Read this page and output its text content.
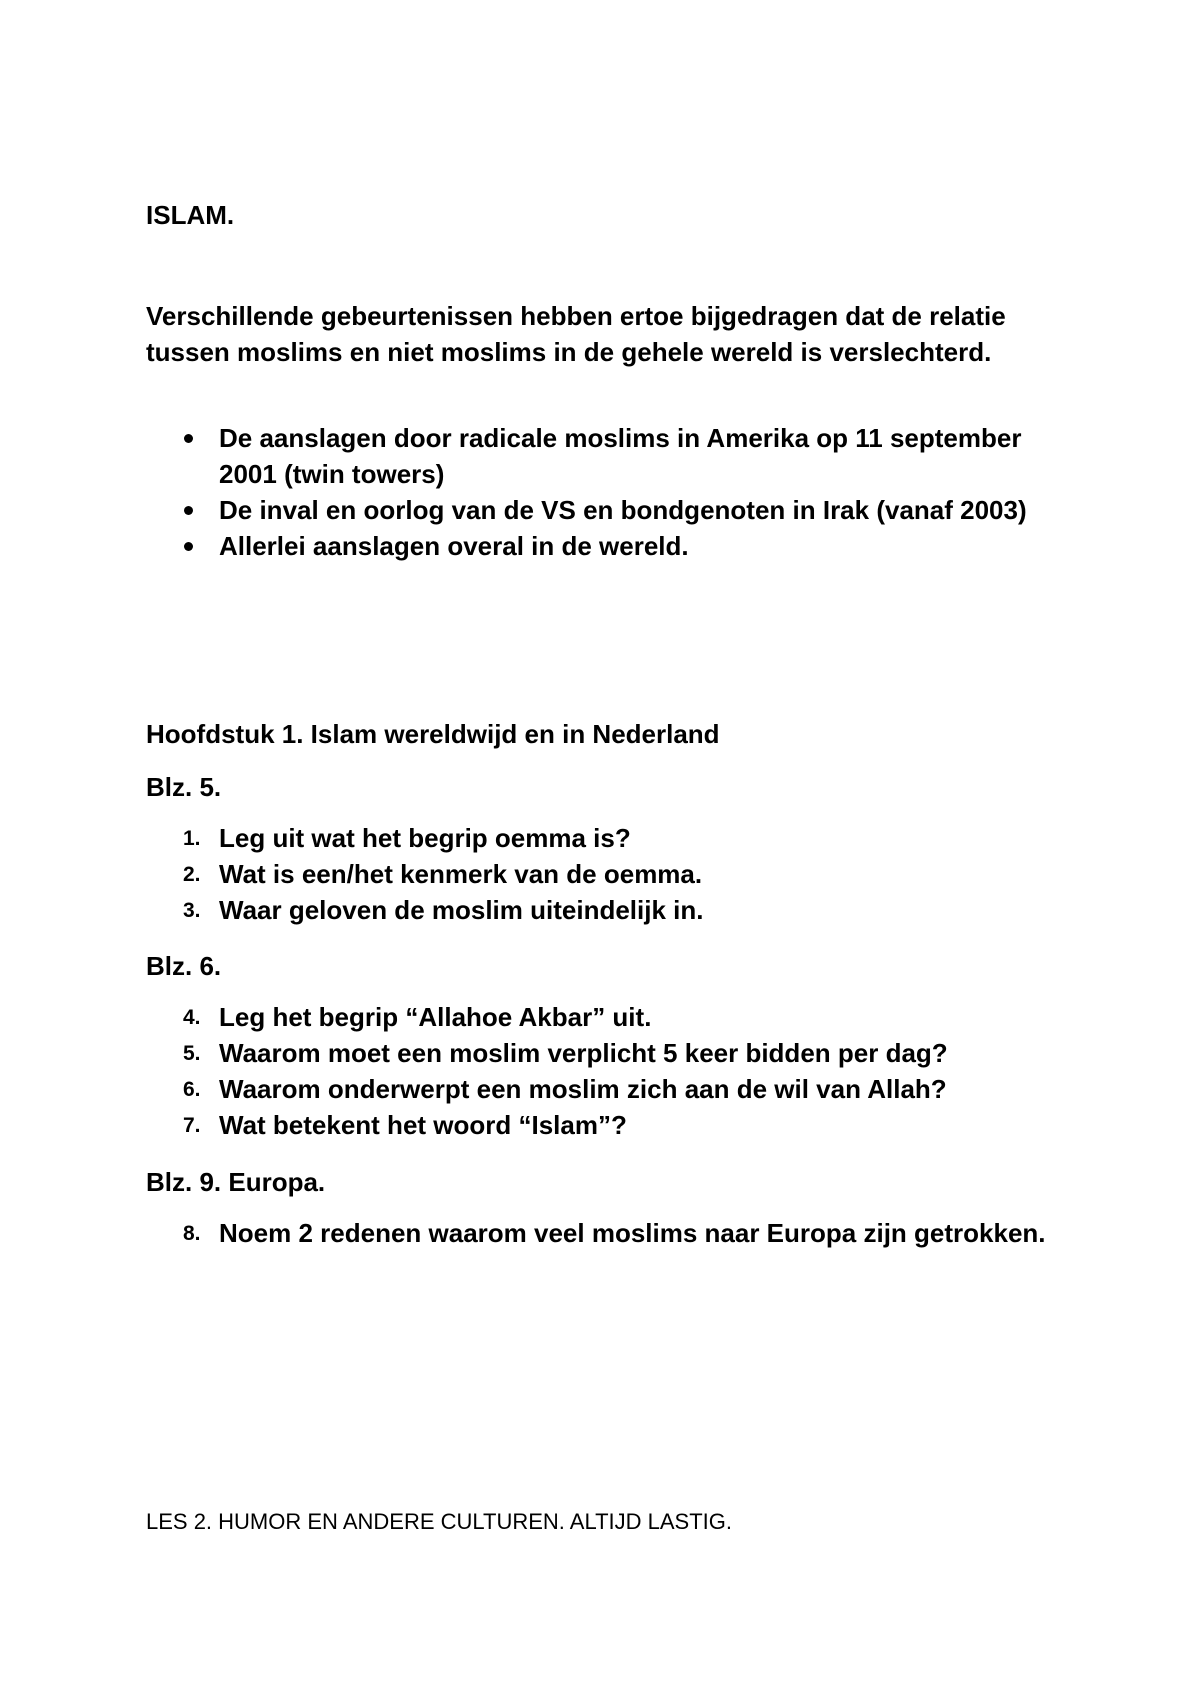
ISLAM.

Verschillende gebeurtenissen hebben ertoe bijgedragen dat de relatie tussen moslims en niet moslims in de gehele wereld is verslechterd.

De aanslagen door radicale moslims in Amerika op 11 september 2001 (twin towers)
De inval en oorlog van de VS en bondgenoten in Irak (vanaf 2003)
Allerlei aanslagen overal in de wereld.

Hoofdstuk 1. Islam wereldwijd en in Nederland

Blz. 5.

1. Leg uit wat het begrip oemma is?
2. Wat is een/het kenmerk van de oemma.
3. Waar geloven de moslim uiteindelijk in.

Blz. 6.

4. Leg het begrip “Allahoe Akbar” uit.
5. Waarom moet een moslim verplicht 5 keer bidden per dag?
6. Waarom onderwerpt een moslim zich aan de wil van Allah?
7. Wat betekent het woord “Islam”?

Blz. 9. Europa.

8. Noem 2 redenen waarom veel moslims naar Europa zijn getrokken.
LES 2. HUMOR EN ANDERE CULTUREN. ALTIJD LASTIG.
